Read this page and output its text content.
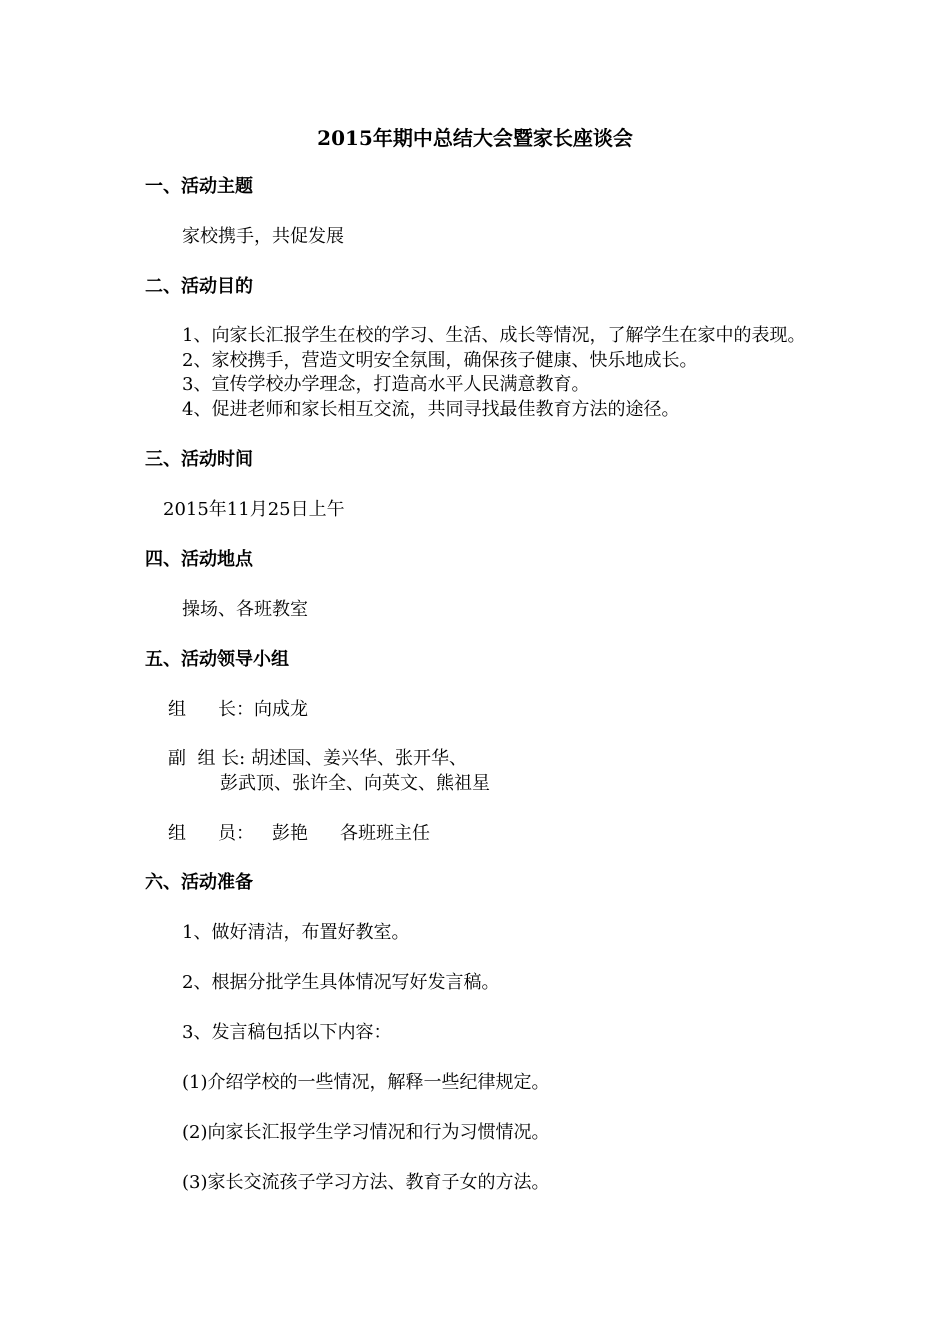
2015年期中总结大会暨家长座谈会
一、活动主题
家校携手，共促发展
二、活动目的
1、向家长汇报学生在校的学习、生活、成长等情况，了解学生在家中的表现。
2、家校携手，营造文明安全氛围，确保孩子健康、快乐地成长。
3、宣传学校办学理念，打造高水平人民满意教育。
4、促进老师和家长相互交流，共同寻找最佳教育方法的途径。
三、活动时间
2015年11月25日上午
四、活动地点
操场、各班教室
五、活动领导小组
组 长：向成龙
副  组 长: 胡述国、姜兴华、张开华、
彭武顶、张许全、向英文、熊祖星
组 员： 彭艳 各班班主任
六、活动准备
1、做好清洁，布置好教室。
2、根据分批学生具体情况写好发言稿。
3、发言稿包括以下内容：
(1)介绍学校的一些情况，解释一些纪律规定。
(2)向家长汇报学生学习情况和行为习惯情况。
(3)家长交流孩子学习方法、教育子女的方法。
